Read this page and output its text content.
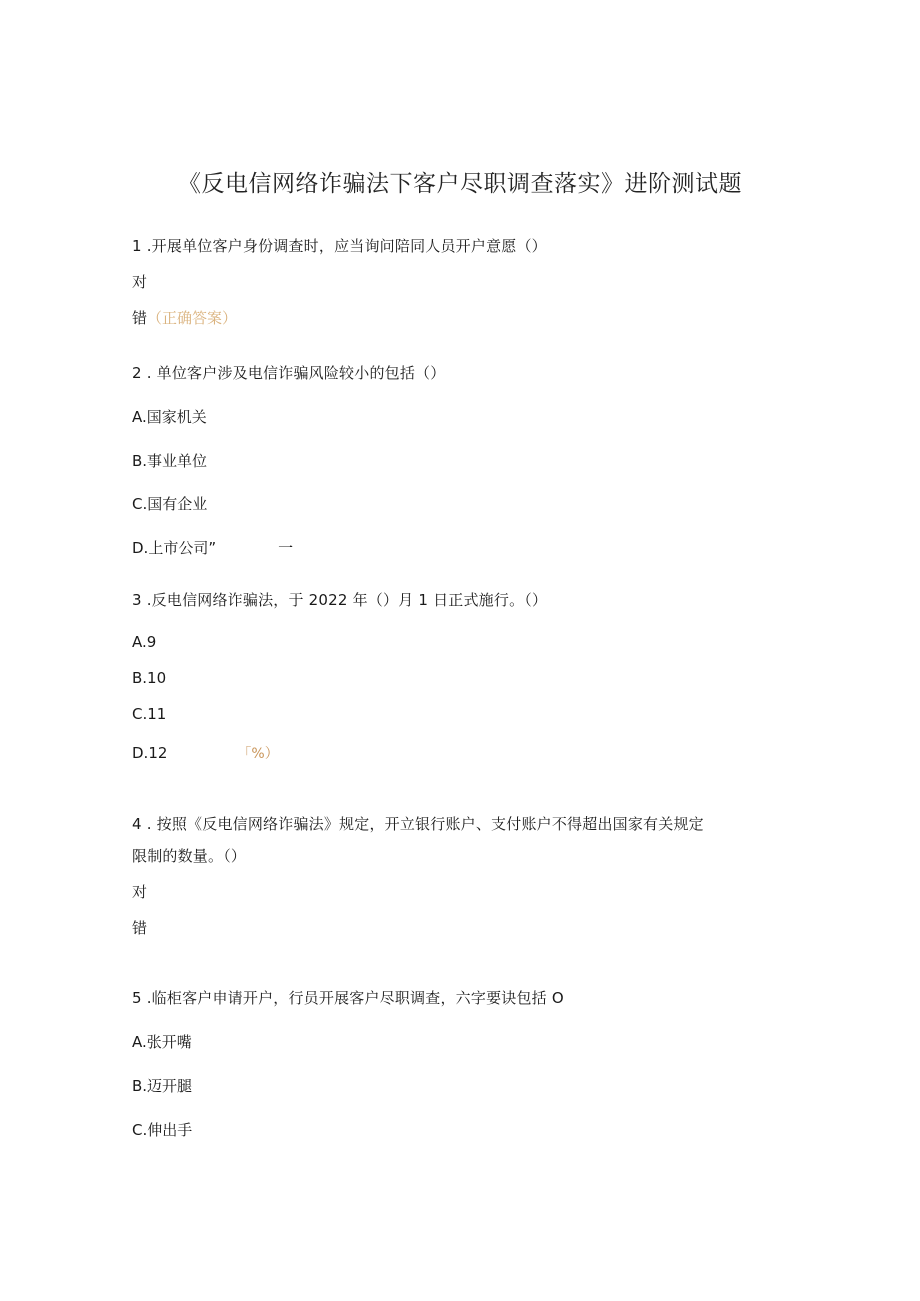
《反电信网络诈骗法下客户尽职调查落实》进阶测试题
1 .开展单位客户身份调查时，应当询问陪同人员开户意愿（）
对
错（正确答案）
2 . 单位客户涉及电信诈骗风险较小的包括（）
A.国家机关
B.事业单位
C.国有企业
D.上市公司”	一
3 .反电信网络诈骗法，于 2022 年（）月 1 日正式施行。（）
A.9
B.10
C.11
D.12	「%）
4 . 按照《反电信网络诈骗法》规定，开立银行账户、支付账户不得超出国家有关规定
限制的数量。（）
对
错
5 .临柜客户申请开户，行员开展客户尽职调查，六字要诀包括 O
A.张开嘴
B.迈开腿
C.伸出手
